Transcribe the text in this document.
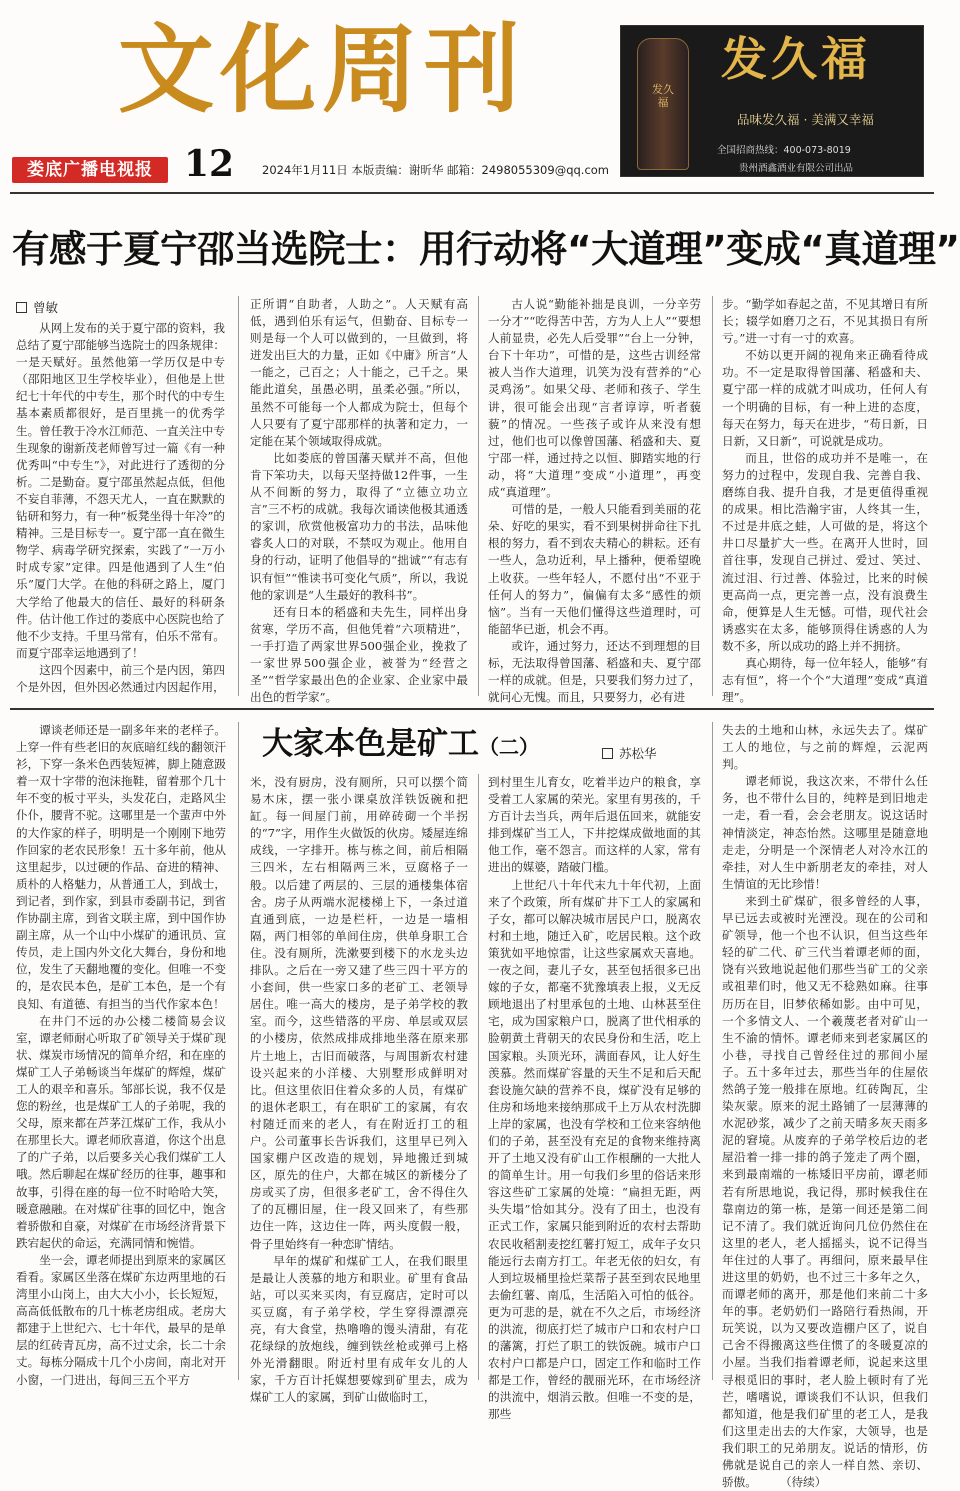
文化周刊
娄底广播电视报 12 2024年1月11日 本版责编：谢昕华 邮箱：2498055309@qq.com
发久福
发久福
品味发久福 · 美满又幸福
全国招商热线：400-073-8019
贵州酒鑫酒业有限公司出品
有感于夏宁邵当选院士：用行动将“大道理”变成“真道理”
曾敏

从网上发布的关于夏宁邵的资料，我总结了夏宁邵能够当选院士的四条规律：一是天赋好。虽然他第一学历仅是中专（邵阳地区卫生学校毕业），但他是上世纪七十年代的中专生，那个时代的中专生基本素质都很好，是百里挑一的优秀学生。曾任教于冷水江师范、一直关注中专生现象的谢新茂老师曾写过一篇《有一种优秀叫“中专生”》，对此进行了透彻的分析。二是勤奋。夏宁邵虽然起点低，但他不妄自菲薄，不怨天尤人，一直在默默的钻研和努力，有一种“板凳坐得十年冷”的精神。三是目标专一。夏宁邵一直在微生物学、病毒学研究探索，实践了“一万小时成专家”定律。四是他遇到了人生“伯乐”厦门大学。在他的科研之路上，厦门大学给了他最大的信任、最好的科研条件。估计他工作过的娄底中心医院也给了他不少支持。千里马常有，伯乐不常有。而夏宁邵幸运地遇到了！

这四个因素中，前三个是内因，第四个是外因，但外因必然通过内因起作用，

正所谓“自助者，人助之”。人天赋有高低，遇到伯乐有运气，但勤奋、目标专一则是每一个人可以做到的，一旦做到，将迸发出巨大的力量，正如《中庸》所言“人一能之，己百之；人十能之，己千之。果能此道矣，虽愚必明，虽柔必强。”所以，虽然不可能每一个人都成为院士，但每个人只要有了夏宁邵那样的执著和定力，一定能在某个领域取得成就。

比如娄底的曾国藩天赋并不高，但他肯下笨功夫，以每天坚持做12件事，一生从不间断的努力，取得了“立德立功立言”三不朽的成就。我每次诵读他极其通透的家训，欣赏他极富功力的书法，品味他睿炙人口的对联，不禁叹为观止。他用自身的行动，证明了他倡导的“拙诚”“有志有识有恒”“惟读书可变化气质”，所以，我说他的家训是“人生最好的教科书”。

还有日本的稻盛和夫先生，同样出身贫寒，学历不高，但他凭着“六项精进”，一手打造了两家世界500强企业，挽救了一家世界500强企业，被誉为“经营之圣”“哲学家最出色的企业家、企业家中最出色的哲学家”。

古人说“勤能补拙是良训，一分辛劳一分才”“吃得苦中苦，方为人上人”“要想人前显贵，必先人后受罪”“台上一分钟，台下十年功”，可惜的是，这些古训经常被人当作大道理，讥笑为没有营养的“心灵鸡汤”。如果父母、老师和孩子、学生讲，很可能会出现“言者谆谆，听者藐藐”的情况。一些孩子或许从来没有想过，他们也可以像曾国藩、稻盛和夫、夏宁邵一样，通过持之以恒、脚踏实地的行动，将“大道理”变成“小道理”，再变成“真道理”。

可惜的是，一般人只能看到美丽的花朵、好吃的果实，看不到果树拼命往下扎根的努力，看不到农夫精心的耕耘。还有一些人，急功近利，早上播种，便希望晚上收获。一些年轻人，不愿付出“不亚于任何人的努力”，偏偏有太多“感性的烦恼”。当有一天他们懂得这些道理时，可能韶华已逝，机会不再。

或许，通过努力，还达不到理想的目标，无法取得曾国藩、稻盛和夫、夏宁邵一样的成就。但是，只要我们努力过了，就问心无愧。而且，只要努力，必有进

步。“勤学如春起之苗，不见其增日有所长；辍学如磨刀之石，不见其损日有所亏。”进一寸有一寸的欢喜。

不妨以更开阔的视角来正确看待成功。不一定是取得曾国藩、稻盛和夫、夏宁邵一样的成就才叫成功，任何人有一个明确的目标，有一种上进的态度，每天在努力，每天在进步，“苟日新，日日新，又日新”，可说就是成功。

而且，世俗的成功并不是唯一，在努力的过程中，发现自我、完善自我、磨练自我、提升自我，才是更值得重视的成果。相比浩瀚宇宙，人终其一生，不过是井底之蛙，人可做的是，将这个井口尽量扩大一些。在离开人世时，回首往事，发现自己拼过、爱过、笑过、流过泪、行过善、体验过，比来的时候更高尚一点，更完善一点，没有浪费生命，便算是人生无憾。可惜，现代社会诱惑实在太多，能够顶得住诱惑的人为数不多，所以成功的路上并不拥挤。

真心期待，每一位年轻人，能够“有志有恒”，将一个个“大道理”变成“真道理”。

大家本色是矿工（二）	苏松华

谭谈老师还是一副多年来的老样子。上穿一件有些老旧的灰底暗红线的翻领汗衫，下穿一条米色西装短裤，脚上随意趿着一双十字带的泡沫拖鞋，留着那个几十年不变的板寸平头，头发花白，走路风尘仆仆，腰背不驼。这哪里是一个蜚声中外的大作家的样子，明明是一个刚刚下地劳作回家的老农民形象！五十多年前，他从这里起步，以过硬的作品、奋进的精神、质朴的人格魅力，从普通工人，到战士，到记者，到作家，到县市委副书记，到省作协副主席，到省文联主席，到中国作协副主席，从一个山中小煤矿的通讯员、宣传员，走上国内外文化大舞台，身份和地位，发生了天翻地覆的变化。但唯一不变的，是农民本色，是矿工本色，是一个有良知、有道德、有担当的当代作家本色！

在井门不远的办公楼二楼简易会议室，谭老师耐心听取了矿领导关于煤矿现状、煤炭市场情况的简单介绍，和在座的煤矿工人子弟畅谈当年煤矿的辉煌，煤矿工人的艰辛和喜乐。邹部长说，我不仅是您的粉丝，也是煤矿工人的子弟呢，我的父母，原来都在芦茅江煤矿工作，我从小在那里长大。谭老师欣喜道，你这个出息了的广子弟，以后要多关心我们煤矿工人哦。然后聊起在煤矿经历的往事，趣事和故事，引得在座的每一位不时哈哈大笑，暖意融融。在对煤矿往事的回忆中，饱含着骄傲和自豪，对煤矿在市场经济背景下跌宕起伏的命运，充满同情和惋惜。

坐一会，谭老师提出到原来的家属区看看。家属区坐落在煤矿东边两里地的石湾里小山岗上，由大大小小，长长短短，高高低低散布的几十栋老房组成。老房大都建于上世纪六、七十年代，最早的是单层的红砖青瓦房，高不过丈余，长二十余丈。每栋分隔成十几个小房间，南北对开小窗，一门进出，每间三五个平方

米，没有厨房，没有厕所，只可以摆个简易木床，摆一张小课桌放洋铁饭碗和把缸。每一间屋门前，用碎砖砌一个半拐的“7”字，用作生火做饭的伙房。矮屋连绵成线，一字排开。栋与栋之间，前后相隔三四米，左右相隔两三米，豆腐格子一般。以后建了两层的、三层的通楼集体宿舍。房子从两端水泥楼梯上下，一条过道直通到底，一边是栏杆，一边是一墙相隔，两门相邻的单间住房，供单身职工合住。没有厕所，洗漱要到楼下的水龙头边排队。之后在一旁又建了些三四十平方的小套间，供一些家口多的老矿工、老领导居住。唯一高大的楼房，是子弟学校的教室。而今，这些错落的平房、单层或双层的小楼房，依然成排成排地坐落在原来那片土地上，古旧而破落，与周围新农村建设兴起来的小洋楼、大别墅形成鲜明对比。但这里依旧住着众多的人员，有煤矿的退休老职工，有在职矿工的家属，有农村随迁而来的老人，有在附近打工的租户。公司董事长告诉我们，这里早已列入国家棚户区改造的规划，异地搬迁到城区，原先的住户，大都在城区的新楼分了房或买了房，但很多老矿工，舍不得住久了的瓦棚旧屋，住一段又回来了，有些那边住一阵，这边住一阵，两头度假一般，骨子里始终有一种恋旷情结。

早年的煤矿和煤矿工人，在我们眼里是最让人羡慕的地方和职业。矿里有食品站，可以买来买肉，有豆腐店，定时可以买豆腐，有子弟学校，学生穿得漂漂亮亮，有大食堂，热噜噜的馒头清甜，有花花绿绿的放炮线，缠到铁丝枪或弹弓上格外光滑翻眼。附近村里有成年女儿的人家，千方百计托媒想要嫁到矿里去，成为煤矿工人的家属，到矿山做临时工，

到村里生儿育女，吃着半边户的粮食，享受着工人家属的荣光。家里有男孩的，千方百计去当兵，两年后退伍回来，就能安排到煤矿当工人，下井挖煤成做地面的其他工作，毫不怨言。而这样的人家，常有进出的媒婆，踏破门槛。

上世纪八十年代末九十年代初，上面来了个政策，所有煤矿井下工人的家属和子女，都可以解决城市居民户口，脱离农村和土地，随迁入矿，吃居民粮。这个政策犹如平地惊雷，让这些家属欢天喜地。一夜之间，妻儿子女，甚至包括很多已出嫁的子女，都毫不犹豫填表上报，义无反顾地退出了村里承包的土地、山林甚至住宅，成为国家粮户口，脱离了世代相承的脸朝黄土背朝天的农民身份和生活，吃上国家粮。头顶光环，满面春风，让人好生羡慕。然而煤矿容量的天生不足和后天配套设施欠缺的营养不良，煤矿没有足够的住房和场地来接纳那成千上万从农村洗脚上岸的家属，也没有学校和工位来容纳他们的子弟，甚至没有充足的食物来维持离开了土地又没有矿山工作根酬的一大批人的简单生计。用一句我们乡里的俗话来形容这些矿工家属的处境：“扁担无距，两头失塌”恰如其分。没有了田土，也没有正式工作，家属只能到附近的农村去帮助农民收稻割麦挖红薯打短工，成年子女只能远行去南方打工。年老无依的妇女，有人到垃圾桶里捡烂菜帮子甚至到农民地里去偷红薯、南瓜，生活陷入可怕的低谷。更为可悲的是，就在不久之后，市场经济的洪流，彻底打烂了城市户口和农村户口的藩篱，打烂了职工的铁饭碗。城市户口农村户口都是户口，固定工作和临时工作都是工作，曾经的靓丽光环，在市场经济的洪流中，烟消云散。但唯一不变的是，那些

失去的土地和山林，永远失去了。煤矿工人的地位，与之前的辉煌，云泥两判。

谭老师说，我这次来，不带什么任务，也不带什么目的，纯粹是到旧地走一走，看一看，会会老朋友。说这话时神情淡定，神态怡然。这哪里是随意地走走，分明是一个深情老人对冷水江的牵挂，对人生中新朋老友的牵挂，对人生情谊的无比珍惜！

来到土矿煤矿，很多曾经的人事，早已远去或被时光湮没。现在的公司和矿领导，他一个也不认识，但当这些年轻的矿二代、矿三代当着谭老师的面，饶有兴致地说起他们那些当矿工的父亲或祖辈们时，他又无不稔熟如麻。往事历历在目，旧梦依稀如影。由中可见，一个多情文人、一个羲蔑老者对矿山一生不渝的情怀。谭老师来到老家属区的小巷，寻找自己曾经住过的那间小屋子。五十多年过去，那些当年的住屋依然鸽子笼一般排在原地。红砖陶瓦，尘染灰蒙。原来的泥土路铺了一层薄薄的水泥砂浆，减少了之前天晴多灰天雨多泥的窘境。从废弃的子弟学校后边的老屋沿着一排一排的鸽子笼走了两个圈，来到最南端的一栋矮旧平房前，谭老师若有所思地说，我记得，那时候我住在靠南边的第一栋，是第一间还是第二间记不清了。我们就近询问几位仍然住在这里的老人，老人摇摇头，说不记得当年住过的人事了。再细问，原来最早住进这里的奶奶，也不过三十多年之久，而谭老师的离开，那是他们来前二十多年的事。老奶奶们一路陪行看热闹，开玩笑说，以为又要改造棚户区了，说自己舍不得搬离这些住惯了的冬暖夏凉的小屋。当我们指着谭老师，说起来这里寻根觅旧的事时，老人脸上顿时有了光芒，嗜嗜说，谭谈我们不认识，但我们都知道，他是我们矿里的老工人，是我们这里走出去的大作家，大领导，也是我们职工的兄弟朋友。说话的情形，仿佛就是说自己的亲人一样自然、亲切、骄傲。　　　（待续）
